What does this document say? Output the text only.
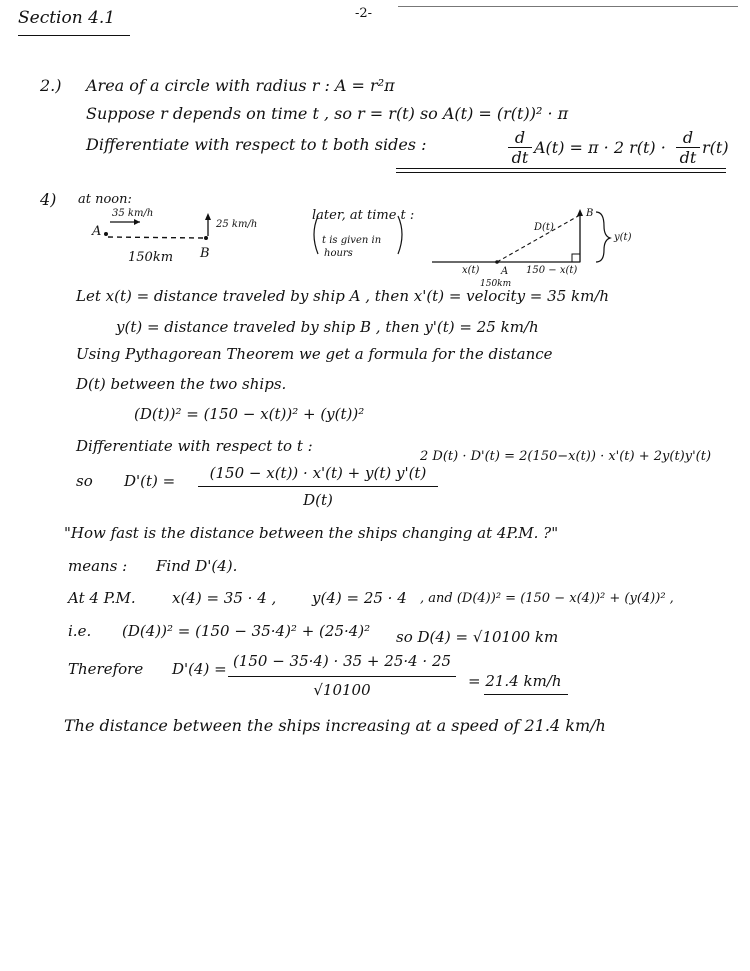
Section 4.1	-2-
2.) Area of a circle with radius r : A = r²π
Suppose r depends on time t , so r = r(t) so A(t) = (r(t))² · π
Differentiate with respect to t both sides :	$\frac{d}{dt} A(t) = \pi \cdot 2$ $r(t) \cdot \frac{d}{dt} r(t)$
4) at noon:
35 km/h
A
B
25 km/h
150km
later, at time t :
t is given in
hours
D(t)
B
y(t)
x(t) A 150 − x(t)
150km
Let x(t) = distance traveled by ship A , then x'(t) = velocity = 35 km/h
y(t) = distance traveled by ship B , then y'(t) = 25 km/h
Using Pythagorean Theorem we get a formula for the distance
D(t) between the two ships.
(D(t))² = (150 − x(t))² + (y(t))²
Differentiate with respect to t :
2 D(t) · D'(t) = 2(150−x(t)) · x'(t) + 2y(t)y'(t)
so $D'(t) = \frac{(150 - x(t)) \cdot x'(t) + y(t) y'(t)}{D(t)}$
"How fast is the distance between the ships changing at 4P.M. ?"
means : Find D'(4).
At 4 P.M. x(4) = 35 · 4 , y(4) = 25 · 4 , and (D(4))² = (150 − x(4))² + (y(4))² ,
i.e. (D(4))² = (150 − 35·4)² + (25·4)² so D(4) = √10100 km
Therefore $D'(4) = \frac{(150 - 35\cdot 4) \cdot 35 + 25\cdot 4 \cdot 25}{√10100} = 21.4$ km/h
The distance between the ships increasing at a speed of 21.4 km/h
